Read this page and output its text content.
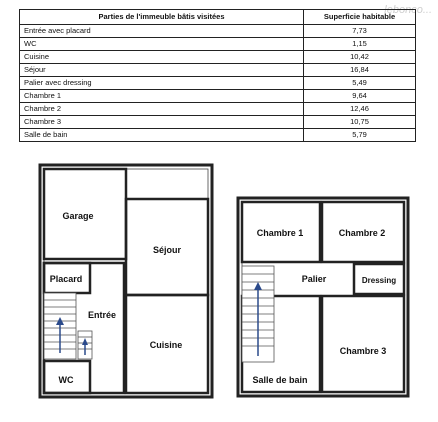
lebonco...
Parties de l'immeuble bâtis visitées	Superficie habitable
Entrée avec placard	7,73
WC	1,15
Cuisine	10,42
Séjour	16,84
Palier avec dressing	5,49
Chambre 1	9,64
Chambre 2	12,46
Chambre 3	10,75
Salle de bain	5,79
Garage
Séjour
Placard
Entrée
Cuisine
WC
Chambre 1	Chambre 2
Palier	Dressing
Chambre 3
Salle de bain
